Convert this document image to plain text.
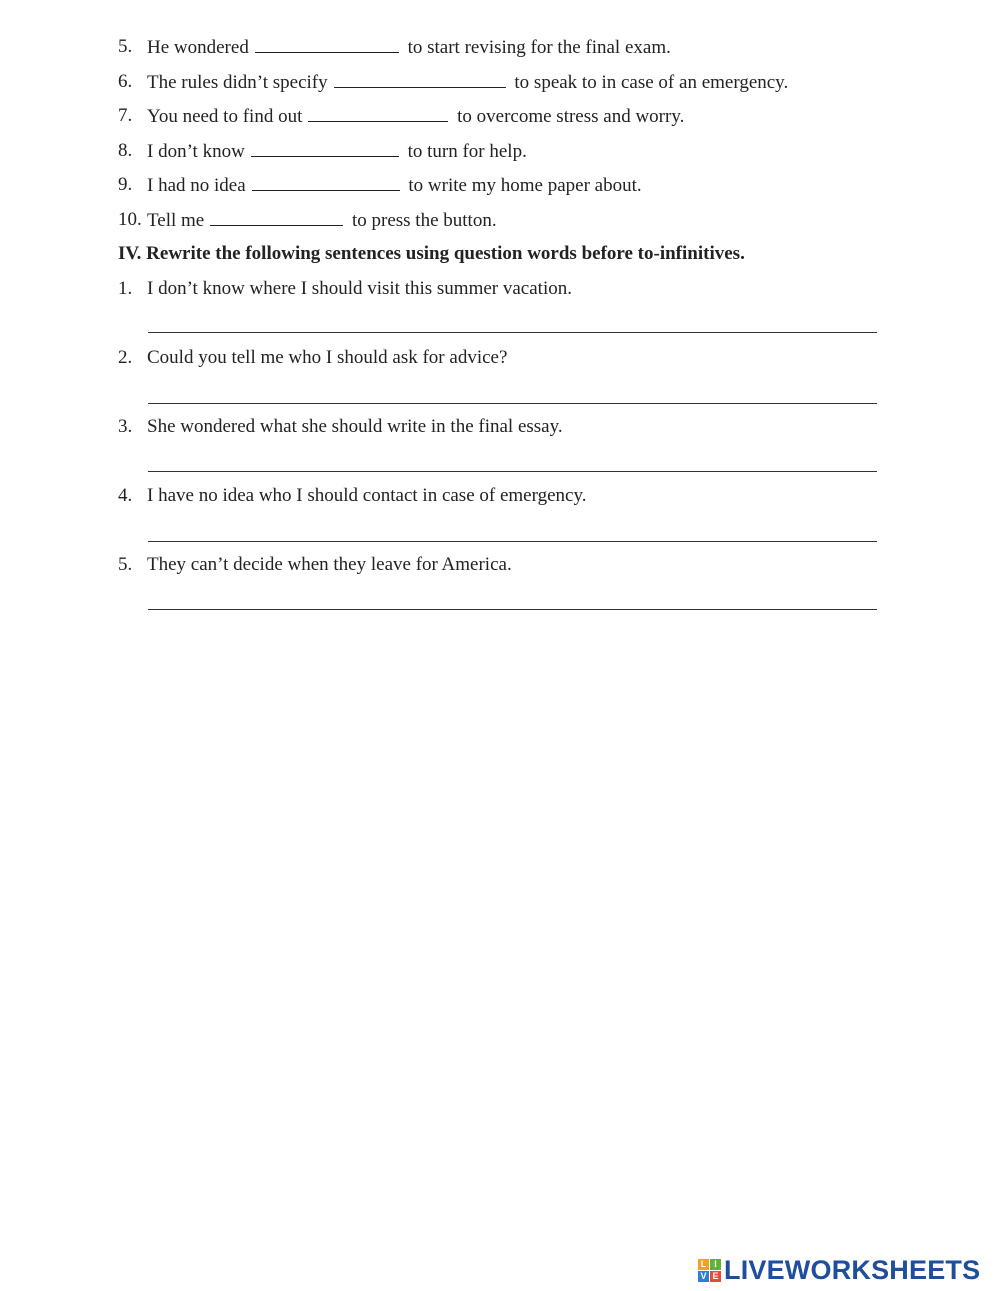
5. He wondered	to start revising for the final exam.
6. The rules didn’t specify	to speak to in case of an emergency.
7. You need to find out	to overcome stress and worry.
8. I don’t know	to turn for help.
9. I had no idea	to write my home paper about.
10. Tell me	to press the button.
IV. Rewrite the following sentences using question words before to-infinitives.
1. I don’t know where I should visit this summer vacation.
2. Could you tell me who I should ask for advice?
3. She wondered what she should write in the final essay.
4. I have no idea who I should contact in case of emergency.
5. They can’t decide when they leave for America.
L I
V E LIVEWORKSHEETS
